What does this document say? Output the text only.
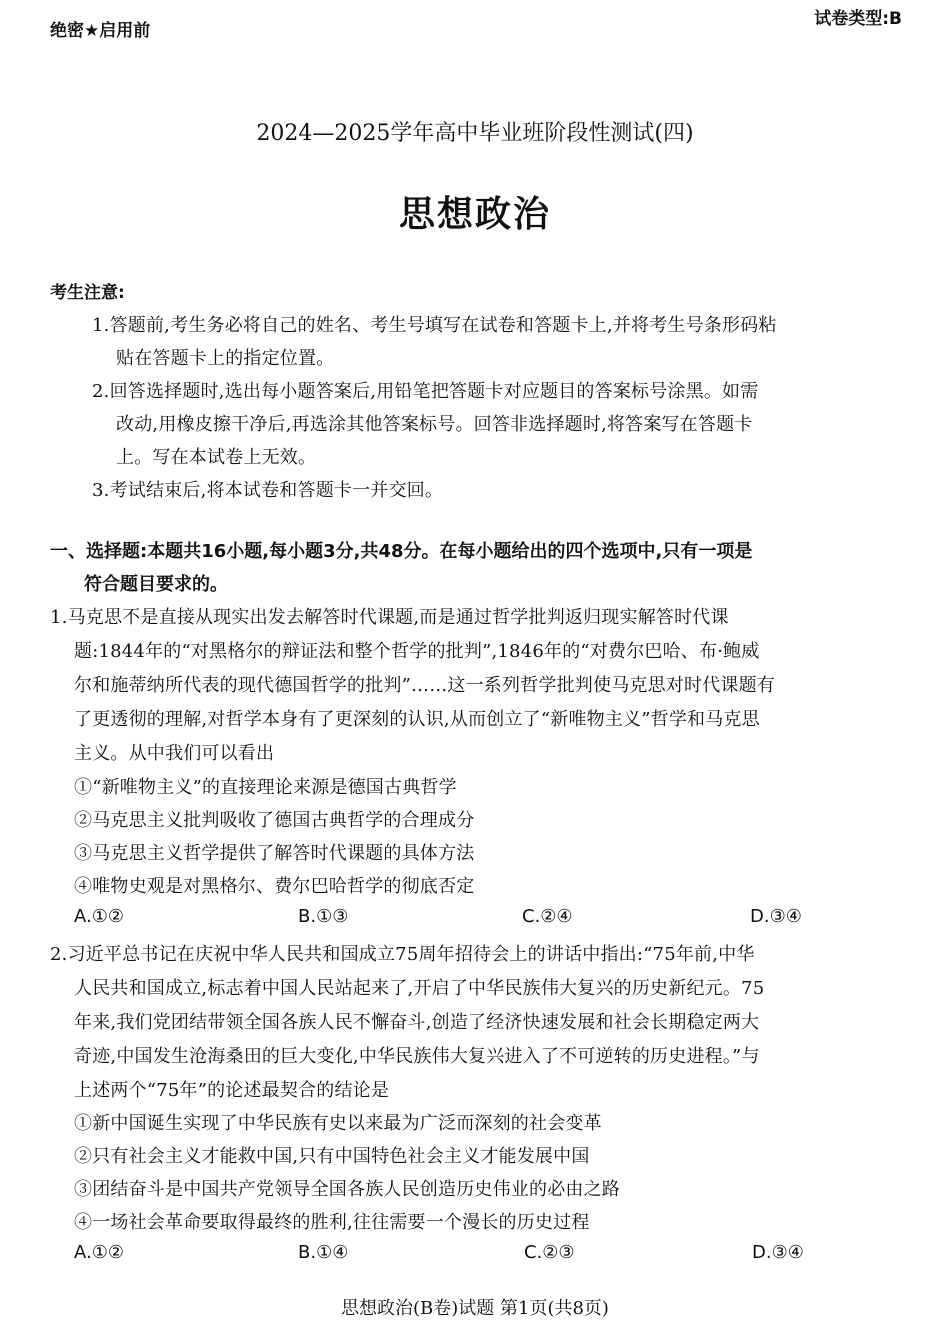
绝密★启用前
试卷类型:B
2024—2025学年高中毕业班阶段性测试(四)
思想政治
考生注意:
1.答题前,考生务必将自己的姓名、考生号填写在试卷和答题卡上,并将考生号条形码粘
贴在答题卡上的指定位置。
2.回答选择题时,选出每小题答案后,用铅笔把答题卡对应题目的答案标号涂黑。如需
改动,用橡皮擦干净后,再选涂其他答案标号。回答非选择题时,将答案写在答题卡
上。写在本试卷上无效。
3.考试结束后,将本试卷和答题卡一并交回。
一、选择题:本题共16小题,每小题3分,共48分。在每小题给出的四个选项中,只有一项是
符合题目要求的。
1.马克思不是直接从现实出发去解答时代课题,而是通过哲学批判返归现实解答时代课
题:1844年的“对黑格尔的辩证法和整个哲学的批判”,1846年的“对费尔巴哈、布·鲍威
尔和施蒂纳所代表的现代德国哲学的批判”……这一系列哲学批判使马克思对时代课题有
了更透彻的理解,对哲学本身有了更深刻的认识,从而创立了“新唯物主义”哲学和马克思
主义。从中我们可以看出
①“新唯物主义”的直接理论来源是德国古典哲学
②马克思主义批判吸收了德国古典哲学的合理成分
③马克思主义哲学提供了解答时代课题的具体方法
④唯物史观是对黑格尔、费尔巴哈哲学的彻底否定
A.①②	B.①③	C.②④	D.③④
2.习近平总书记在庆祝中华人民共和国成立75周年招待会上的讲话中指出:“75年前,中华
人民共和国成立,标志着中国人民站起来了,开启了中华民族伟大复兴的历史新纪元。75
年来,我们党团结带领全国各族人民不懈奋斗,创造了经济快速发展和社会长期稳定两大
奇迹,中国发生沧海桑田的巨大变化,中华民族伟大复兴进入了不可逆转的历史进程。”与
上述两个“75年”的论述最契合的结论是
①新中国诞生实现了中华民族有史以来最为广泛而深刻的社会变革
②只有社会主义才能救中国,只有中国特色社会主义才能发展中国
③团结奋斗是中国共产党领导全国各族人民创造历史伟业的必由之路
④一场社会革命要取得最终的胜利,往往需要一个漫长的历史过程
A.①②	B.①④	C.②③	D.③④
思想政治(B卷)试题 第1页(共8页)
